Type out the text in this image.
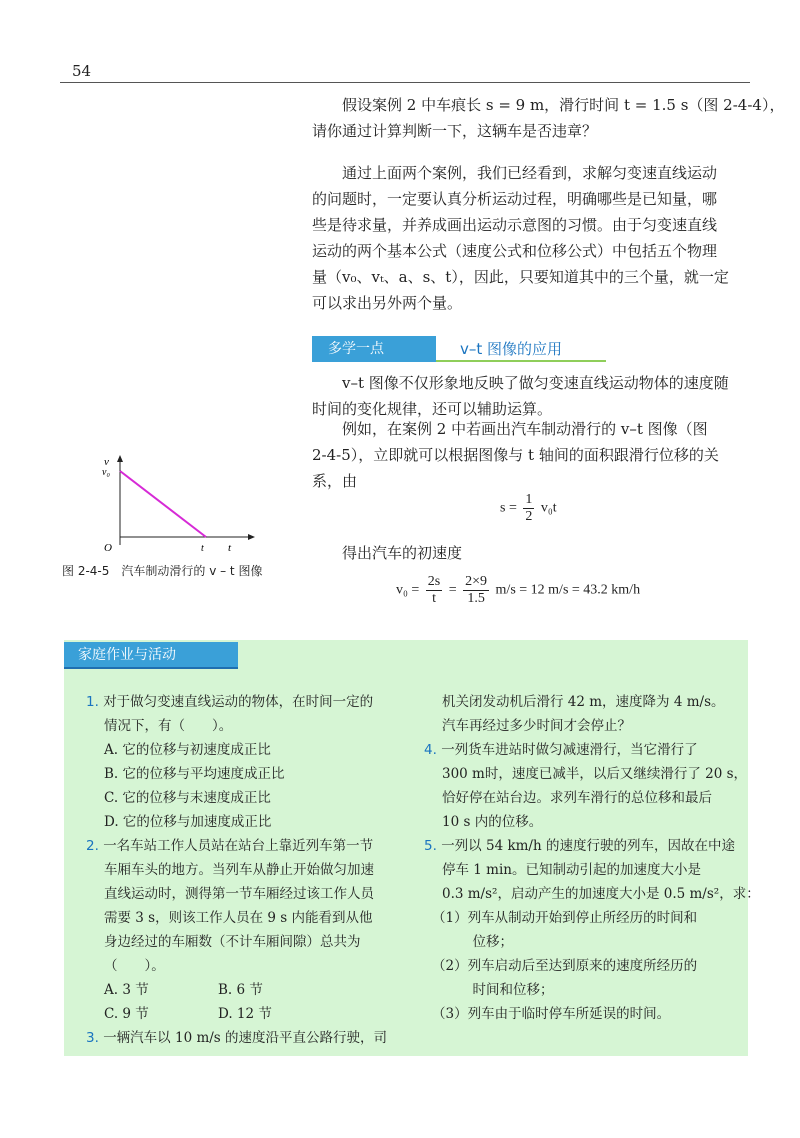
54
假设案例 2 中车痕长 s = 9 m，滑行时间 t = 1.5 s（图 2-4-4），
请你通过计算判断一下，这辆车是否违章？
通过上面两个案例，我们已经看到，求解匀变速直线运动
的问题时，一定要认真分析运动过程，明确哪些是已知量，哪
些是待求量，并养成画出运动示意图的习惯。由于匀变速直线
运动的两个基本公式（速度公式和位移公式）中包括五个物理
量（v₀、vₜ、a、s、t），因此，只要知道其中的三个量，就一定
可以求出另外两个量。
多学一点	v–t 图像的应用
v–t 图像不仅形象地反映了做匀变速直线运动物体的速度随
时间的变化规律，还可以辅助运算。
例如，在案例 2 中若画出汽车制动滑行的 v–t 图像（图
2-4-5），立即就可以根据图像与 t 轴间的面积跟滑行位移的关
系，由
$s = \frac{1}{2} v_0t$
得出汽车的初速度
$v_0 = \frac{2s}{t} = \frac{2\times 9}{1.5} m/s = 12$ m/s = 43.2 km/h
v
v₀
O	t t
图 2-4-5　汽车制动滑行的 v – t 图像
家庭作业与活动
1. 对于做匀变速直线运动的物体，在时间一定的
情况下，有（　　）。
A. 它的位移与初速度成正比
B. 它的位移与平均速度成正比
C. 它的位移与末速度成正比
D. 它的位移与加速度成正比
2. 一名车站工作人员站在站台上靠近列车第一节
车厢车头的地方。当列车从静止开始做匀加速
直线运动时，测得第一节车厢经过该工作人员
需要 3 s，则该工作人员在 9 s 内能看到从他
身边经过的车厢数（不计车厢间隙）总共为
（　　）。
A. 3 节	B. 6 节
C. 9 节	D. 12 节
3. 一辆汽车以 10 m/s 的速度沿平直公路行驶，司
机关闭发动机后滑行 42 m，速度降为 4 m/s。
汽车再经过多少时间才会停止？
4. 一列货车进站时做匀减速滑行，当它滑行了
300 m时，速度已减半，以后又继续滑行了 20 s，
恰好停在站台边。求列车滑行的总位移和最后
10 s 内的位移。
5. 一列以 54 km/h 的速度行驶的列车，因故在中途
停车 1 min。已知制动引起的加速度大小是
0.3 m/s²，启动产生的加速度大小是 0.5 m/s²，求：
（1）列车从制动开始到停止所经历的时间和
　　　位移；
（2）列车启动后至达到原来的速度所经历的
　　　时间和位移；
（3）列车由于临时停车所延误的时间。
